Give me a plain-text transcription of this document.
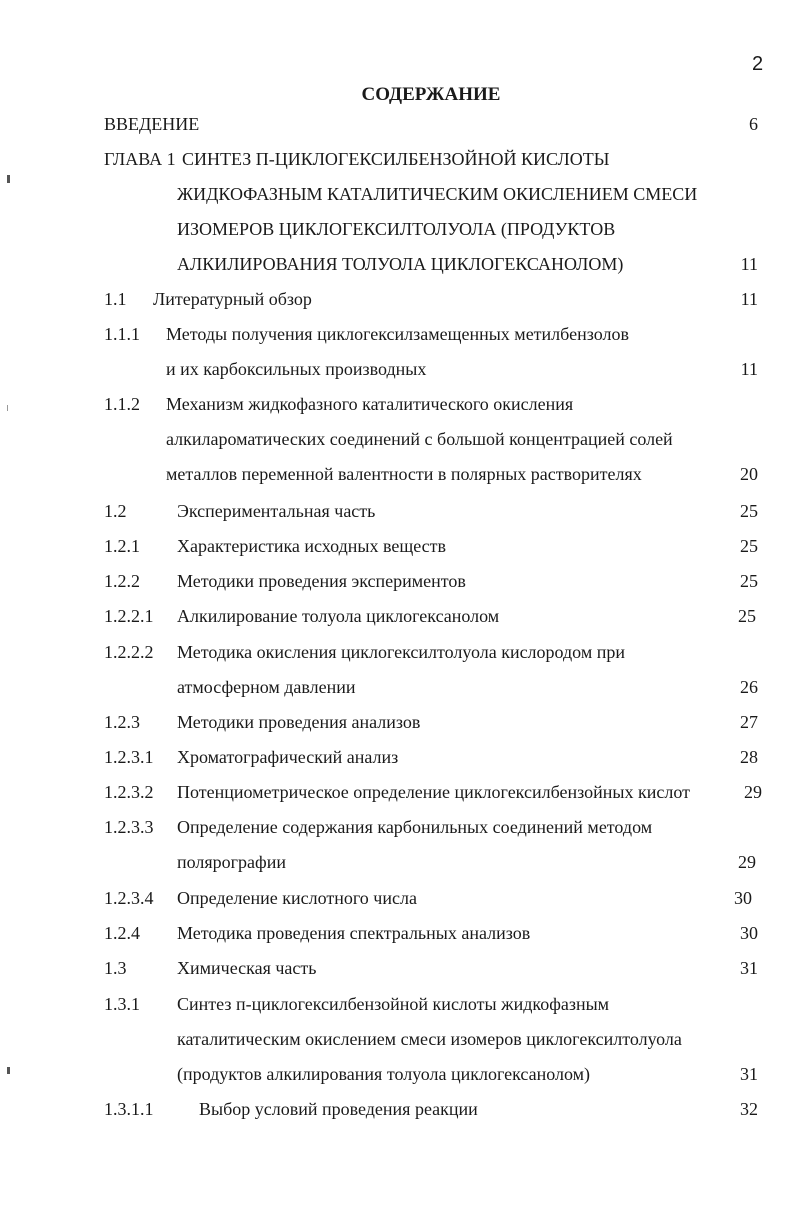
2
СОДЕРЖАНИЕ
ВВЕДЕНИЕ	6
ГЛАВА 1 СИНТЕЗ П-ЦИКЛОГЕКСИЛБЕНЗОЙНОЙ КИСЛОТЫ
ЖИДКОФАЗНЫМ КАТАЛИТИЧЕСКИМ ОКИСЛЕНИЕМ СМЕСИ
ИЗОМЕРОВ ЦИКЛОГЕКСИЛТОЛУОЛА (ПРОДУКТОВ
АЛКИЛИРОВАНИЯ ТОЛУОЛА ЦИКЛОГЕКСАНОЛОМ)	11
1.1 Литературный обзор	11
1.1.1 Методы получения циклогексилзамещенных метилбензолов
и их карбоксильных производных	11
1.1.2 Механизм жидкофазного каталитического окисления
алкилароматических соединений с большой концентрацией солей
металлов переменной валентности в полярных растворителях	20
1.2	Экспериментальная часть	25
1.2.1 Характеристика исходных веществ	25
1.2.2 Методики проведения экспериментов	25
1.2.2.1 Алкилирование толуола циклогексанолом	25
1.2.2.2 Методика окисления циклогексилтолуола кислородом при
атмосферном давлении	26
1.2.3 Методики проведения анализов	27
1.2.3.1 Хроматографический анализ	28
1.2.3.2 Потенциометрическое определение циклогексилбензойных кислот	29
1.2.3.3 Определение содержания карбонильных соединений методом
полярографии	29
1.2.3.4 Определение кислотного числа	30
1.2.4 Методика проведения спектральных анализов	30
1.3	Химическая часть	31
1.3.1 Синтез п-циклогексилбензойной кислоты жидкофазным
каталитическим окислением смеси изомеров циклогексилтолуола
(продуктов алкилирования толуола циклогексанолом)	31
1.3.1.1	Выбор условий проведения реакции	32
